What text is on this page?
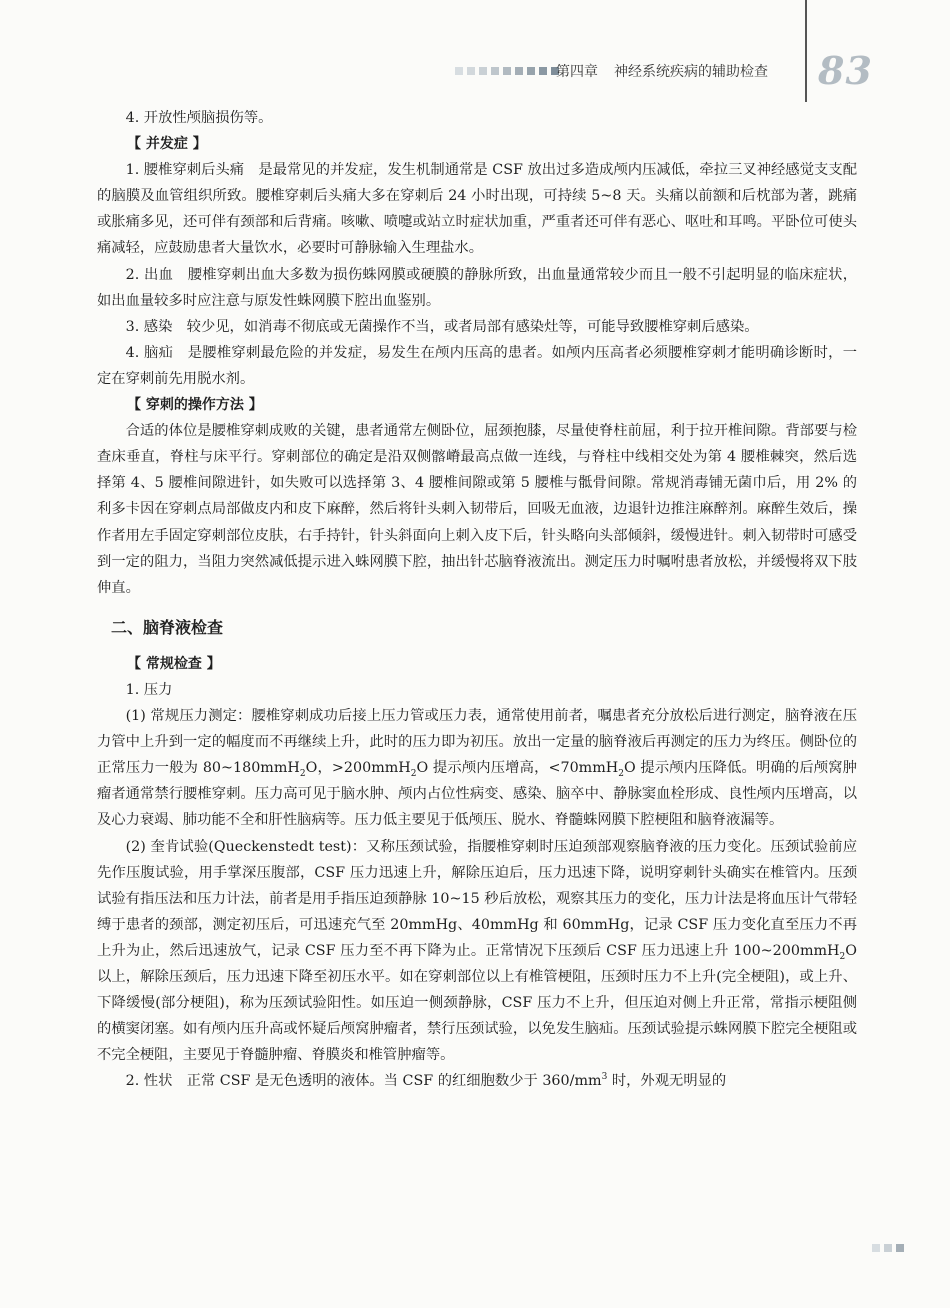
第四章 神经系统疾病的辅助检查 83

4. 开放性颅脑损伤等。

【 并发症 】

1. 腰椎穿刺后头痛　是最常见的并发症，发生机制通常是 CSF 放出过多造成颅内压减低，牵拉三叉神经感觉支支配的脑膜及血管组织所致。腰椎穿刺后头痛大多在穿刺后 24 小时出现，可持续 5~8 天。头痛以前额和后枕部为著，跳痛或胀痛多见，还可伴有颈部和后背痛。咳嗽、喷嚏或站立时症状加重，严重者还可伴有恶心、呕吐和耳鸣。平卧位可使头痛减轻，应鼓励患者大量饮水，必要时可静脉输入生理盐水。

2. 出血　腰椎穿刺出血大多数为损伤蛛网膜或硬膜的静脉所致，出血量通常较少而且一般不引起明显的临床症状，如出血量较多时应注意与原发性蛛网膜下腔出血鉴别。

3. 感染　较少见，如消毒不彻底或无菌操作不当，或者局部有感染灶等，可能导致腰椎穿刺后感染。

4. 脑疝　是腰椎穿刺最危险的并发症，易发生在颅内压高的患者。如颅内压高者必须腰椎穿刺才能明确诊断时，一定在穿刺前先用脱水剂。

【 穿刺的操作方法 】

合适的体位是腰椎穿刺成败的关键，患者通常左侧卧位，屈颈抱膝，尽量使脊柱前屈，利于拉开椎间隙。背部要与检查床垂直，脊柱与床平行。穿刺部位的确定是沿双侧髂嵴最高点做一连线，与脊柱中线相交处为第 4 腰椎棘突，然后选择第 4、5 腰椎间隙进针，如失败可以选择第 3、4 腰椎间隙或第 5 腰椎与骶骨间隙。常规消毒铺无菌巾后，用 2% 的利多卡因在穿刺点局部做皮内和皮下麻醉，然后将针头刺入韧带后，回吸无血液，边退针边推注麻醉剂。麻醉生效后，操作者用左手固定穿刺部位皮肤，右手持针，针头斜面向上刺入皮下后，针头略向头部倾斜，缓慢进针。刺入韧带时可感受到一定的阻力，当阻力突然减低提示进入蛛网膜下腔，抽出针芯脑脊液流出。测定压力时嘱咐患者放松，并缓慢将双下肢伸直。

二、脑脊液检查
【 常规检查 】

1. 压力

(1) 常规压力测定：腰椎穿刺成功后接上压力管或压力表，通常使用前者，嘱患者充分放松后进行测定，脑脊液在压力管中上升到一定的幅度而不再继续上升，此时的压力即为初压。放出一定量的脑脊液后再测定的压力为终压。侧卧位的正常压力一般为 80~180mmH$_2$O，>200mmH$_2$O 提示颅内压增高，<70mmH$_2$O 提示颅内压降低。明确的后颅窝肿瘤者通常禁行腰椎穿刺。压力高可见于脑水肿、颅内占位性病变、感染、脑卒中、静脉窦血栓形成、良性颅内压增高，以及心力衰竭、肺功能不全和肝性脑病等。压力低主要见于低颅压、脱水、脊髓蛛网膜下腔梗阻和脑脊液漏等。

(2) 奎肯试验(Queckenstedt test)：又称压颈试验，指腰椎穿刺时压迫颈部观察脑脊液的压力变化。压颈试验前应先作压腹试验，用手掌深压腹部，CSF 压力迅速上升，解除压迫后，压力迅速下降，说明穿刺针头确实在椎管内。压颈试验有指压法和压力计法，前者是用手指压迫颈静脉 10~15 秒后放松，观察其压力的变化，压力计法是将血压计气带轻缚于患者的颈部，测定初压后，可迅速充气至 20mmHg、40mmHg 和 60mmHg，记录 CSF 压力变化直至压力不再上升为止，然后迅速放气，记录 CSF 压力至不再下降为止。正常情况下压颈后 CSF 压力迅速上升 100~200mmH$_2$O 以上，解除压颈后，压力迅速下降至初压水平。如在穿刺部位以上有椎管梗阻，压颈时压力不上升(完全梗阻)，或上升、下降缓慢(部分梗阻)，称为压颈试验阳性。如压迫一侧颈静脉，CSF 压力不上升，但压迫对侧上升正常，常指示梗阻侧的横窦闭塞。如有颅内压升高或怀疑后颅窝肿瘤者，禁行压颈试验，以免发生脑疝。压颈试验提示蛛网膜下腔完全梗阻或不完全梗阻，主要见于脊髓肿瘤、脊膜炎和椎管肿瘤等。

2. 性状　正常 CSF 是无色透明的液体。当 CSF 的红细胞数少于 $360/mm^3$ 时，外观无明显的
